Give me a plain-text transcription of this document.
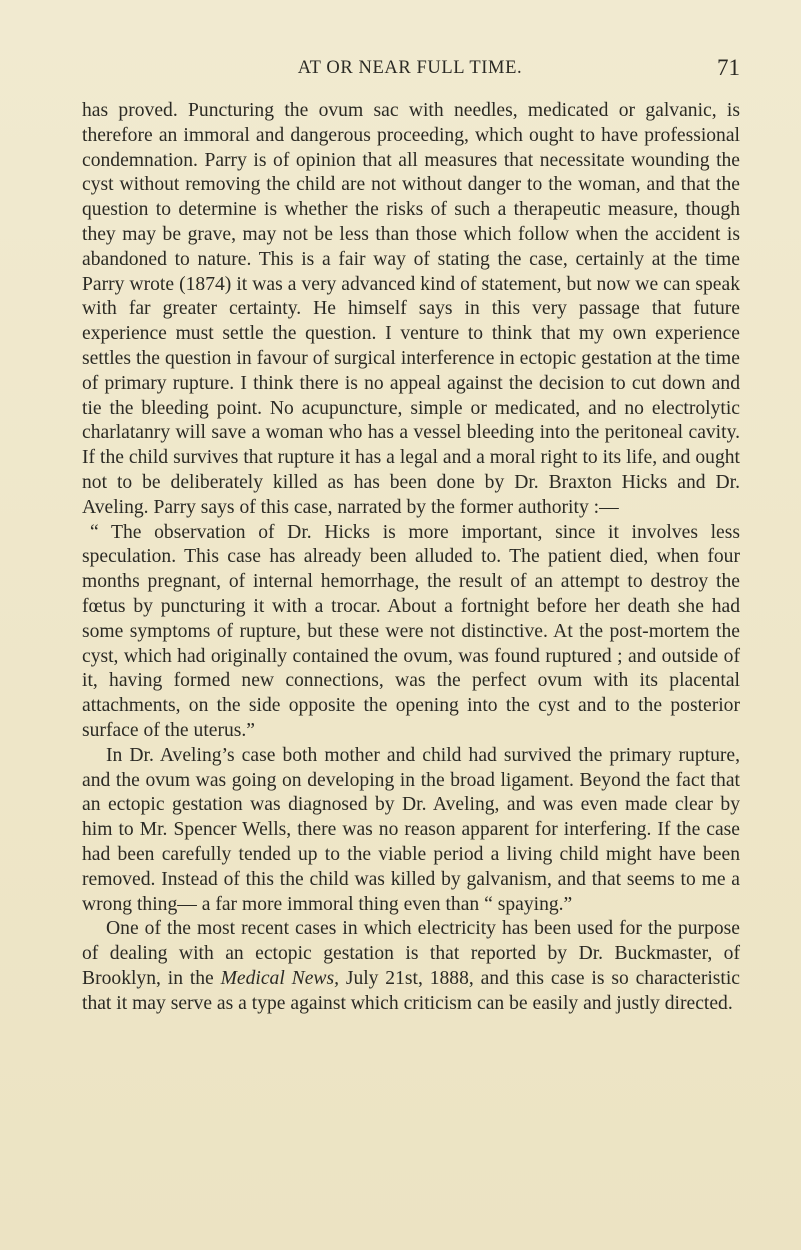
AT OR NEAR FULL TIME.	71

has proved. Puncturing the ovum sac with needles, medicated or galvanic, is therefore an immoral and dangerous proceeding, which ought to have professional condemnation. Parry is of opinion that all measures that necessitate wounding the cyst without removing the child are not without danger to the woman, and that the question to determine is whether the risks of such a therapeutic measure, though they may be grave, may not be less than those which follow when the accident is abandoned to nature. This is a fair way of stating the case, certainly at the time Parry wrote (1874) it was a very advanced kind of statement, but now we can speak with far greater certainty. He himself says in this very passage that future experience must settle the question. I venture to think that my own experience settles the question in favour of surgical interference in ectopic gestation at the time of primary rupture. I think there is no appeal against the decision to cut down and tie the bleeding point. No acupuncture, simple or medicated, and no electrolytic charlatanry will save a woman who has a vessel bleeding into the peritoneal cavity. If the child survives that rupture it has a legal and a moral right to its life, and ought not to be deliberately killed as has been done by Dr. Braxton Hicks and Dr. Aveling. Parry says of this case, narrated by the former authority :—

“ The observation of Dr. Hicks is more important, since it involves less speculation. This case has already been alluded to. The patient died, when four months pregnant, of internal hemorrhage, the result of an attempt to destroy the fœtus by puncturing it with a trocar. About a fortnight before her death she had some symptoms of rupture, but these were not distinctive. At the post-mortem the cyst, which had originally contained the ovum, was found ruptured ; and outside of it, having formed new connections, was the perfect ovum with its placental attachments, on the side opposite the opening into the cyst and to the posterior surface of the uterus.”

In Dr. Aveling’s case both mother and child had survived the primary rupture, and the ovum was going on developing in the broad ligament. Beyond the fact that an ectopic gestation was diagnosed by Dr. Aveling, and was even made clear by him to Mr. Spencer Wells, there was no reason apparent for interfering. If the case had been carefully tended up to the viable period a living child might have been removed. Instead of this the child was killed by galvanism, and that seems to me a wrong thing— a far more immoral thing even than “ spaying.”

One of the most recent cases in which electricity has been used for the purpose of dealing with an ectopic gestation is that reported by Dr. Buckmaster, of Brooklyn, in the Medical News, July 21st, 1888, and this case is so characteristic that it may serve as a type against which criticism can be easily and justly directed.
